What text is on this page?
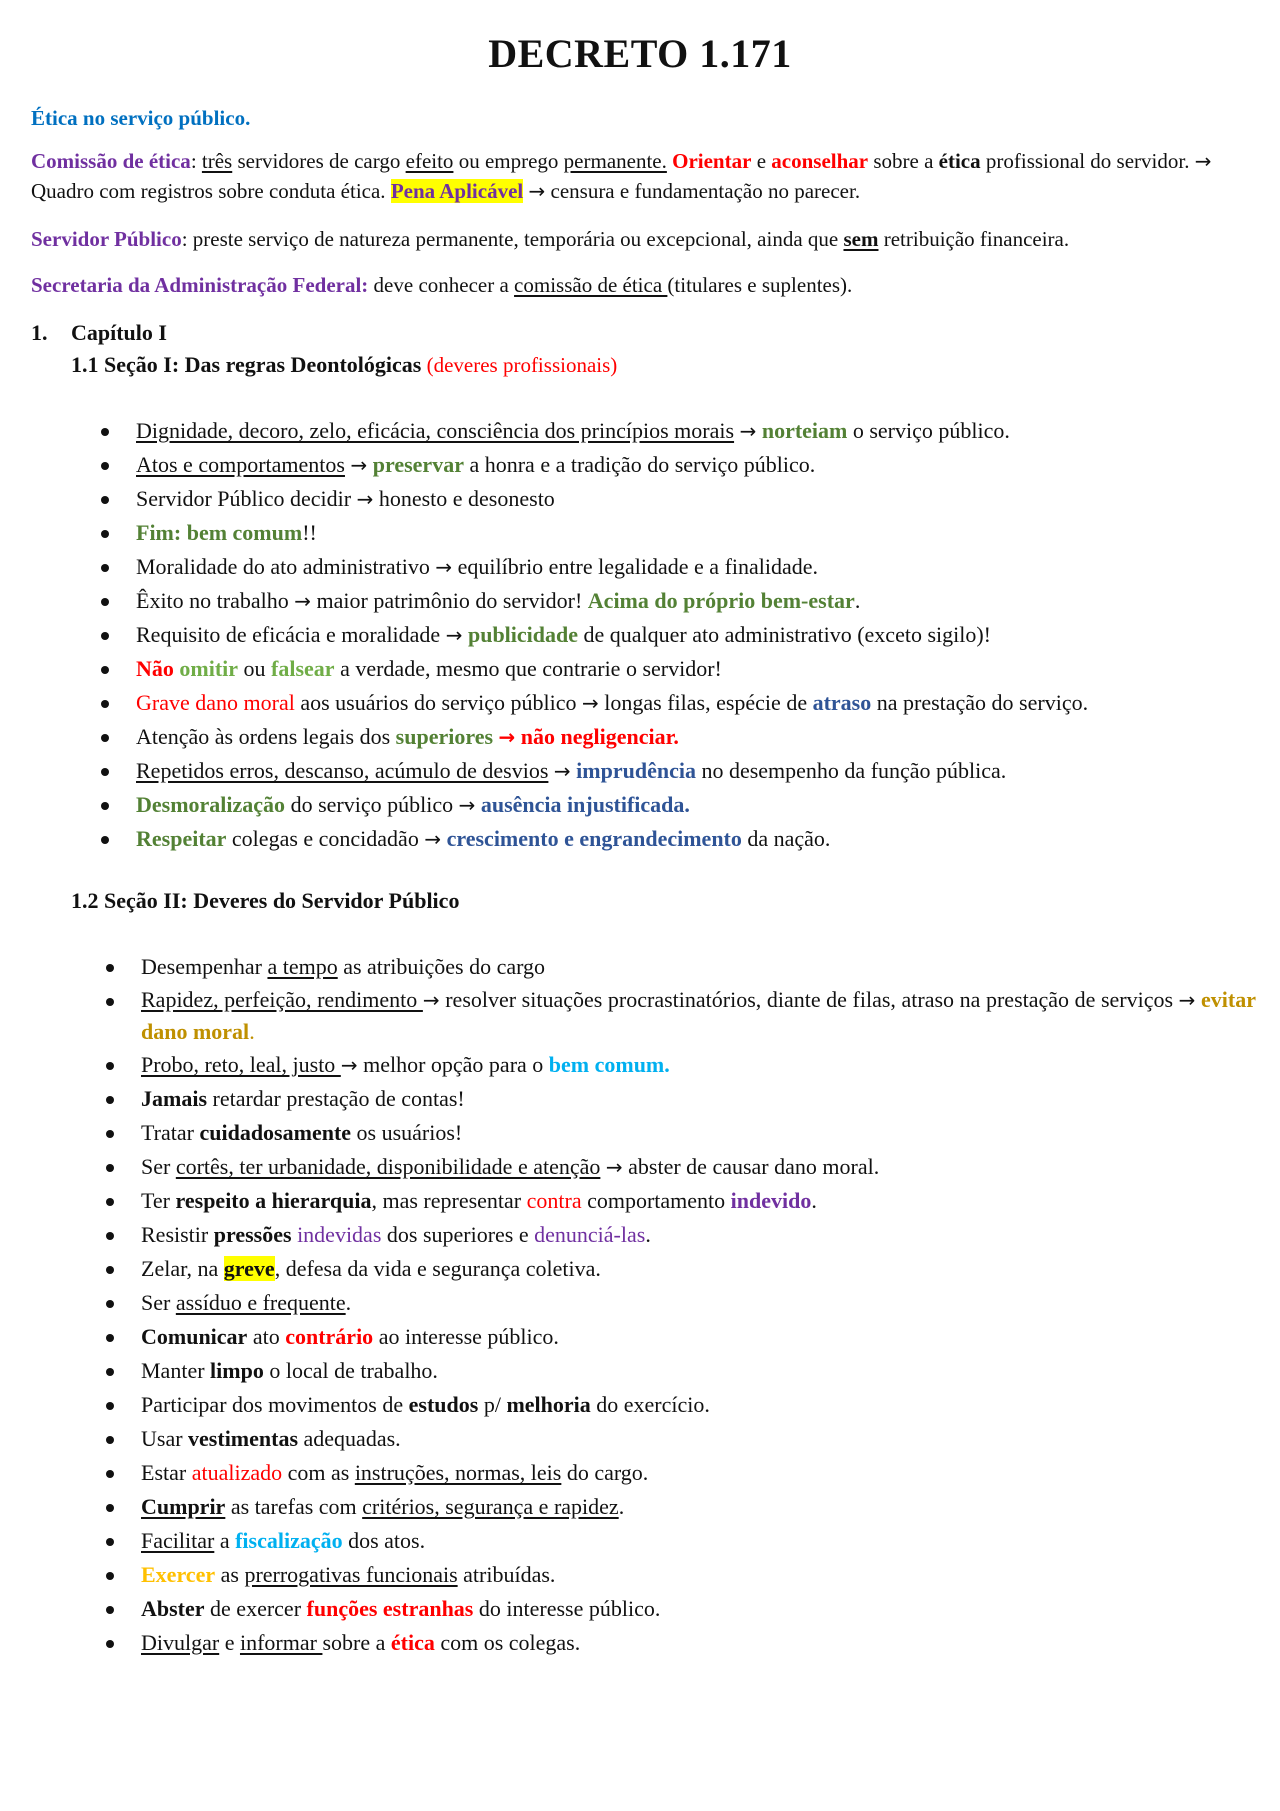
DECRETO 1.171

Ética no serviço público.

Comissão de ética: três servidores de cargo efeito ou emprego permanente. Orientar e aconselhar sobre a ética profissional do servidor. → Quadro com registros sobre conduta ética. Pena Aplicável → censura e fundamentação no parecer.

Servidor Público: preste serviço de natureza permanente, temporária ou excepcional, ainda que sem retribuição financeira.

Secretaria da Administração Federal: deve conhecer a comissão de ética (titulares e suplentes).

1. Capítulo I
1.1 Seção I: Das regras Deontológicas (deveres profissionais)
Dignidade, decoro, zelo, eficácia, consciência dos princípios morais → norteiam o serviço público.
Atos e comportamentos → preservar a honra e a tradição do serviço público.
Servidor Público decidir → honesto e desonesto
Fim: bem comum!!
Moralidade do ato administrativo → equilíbrio entre legalidade e a finalidade.
Êxito no trabalho → maior patrimônio do servidor! Acima do próprio bem-estar.
Requisito de eficácia e moralidade → publicidade de qualquer ato administrativo (exceto sigilo)!
Não omitir ou falsear a verdade, mesmo que contrarie o servidor!
Grave dano moral aos usuários do serviço público → longas filas, espécie de atraso na prestação do serviço.
Atenção às ordens legais dos superiores → não negligenciar.
Repetidos erros, descanso, acúmulo de desvios → imprudência no desempenho da função pública.
Desmoralização do serviço público → ausência injustificada.
Respeitar colegas e concidadão → crescimento e engrandecimento da nação.
1.2 Seção II: Deveres do Servidor Público
Desempenhar a tempo as atribuições do cargo
Rapidez, perfeição, rendimento → resolver situações procrastinatórios, diante de filas, atraso na prestação de serviços → evitar dano moral.
Probo, reto, leal, justo → melhor opção para o bem comum.
Jamais retardar prestação de contas!
Tratar cuidadosamente os usuários!
Ser cortês, ter urbanidade, disponibilidade e atenção → abster de causar dano moral.
Ter respeito a hierarquia, mas representar contra comportamento indevido.
Resistir pressões indevidas dos superiores e denunciá-las.
Zelar, na greve, defesa da vida e segurança coletiva.
Ser assíduo e frequente.
Comunicar ato contrário ao interesse público.
Manter limpo o local de trabalho.
Participar dos movimentos de estudos p/ melhoria do exercício.
Usar vestimentas adequadas.
Estar atualizado com as instruções, normas, leis do cargo.
Cumprir as tarefas com critérios, segurança e rapidez.
Facilitar a fiscalização dos atos.
Exercer as prerrogativas funcionais atribuídas.
Abster de exercer funções estranhas do interesse público.
Divulgar e informar sobre a ética com os colegas.
